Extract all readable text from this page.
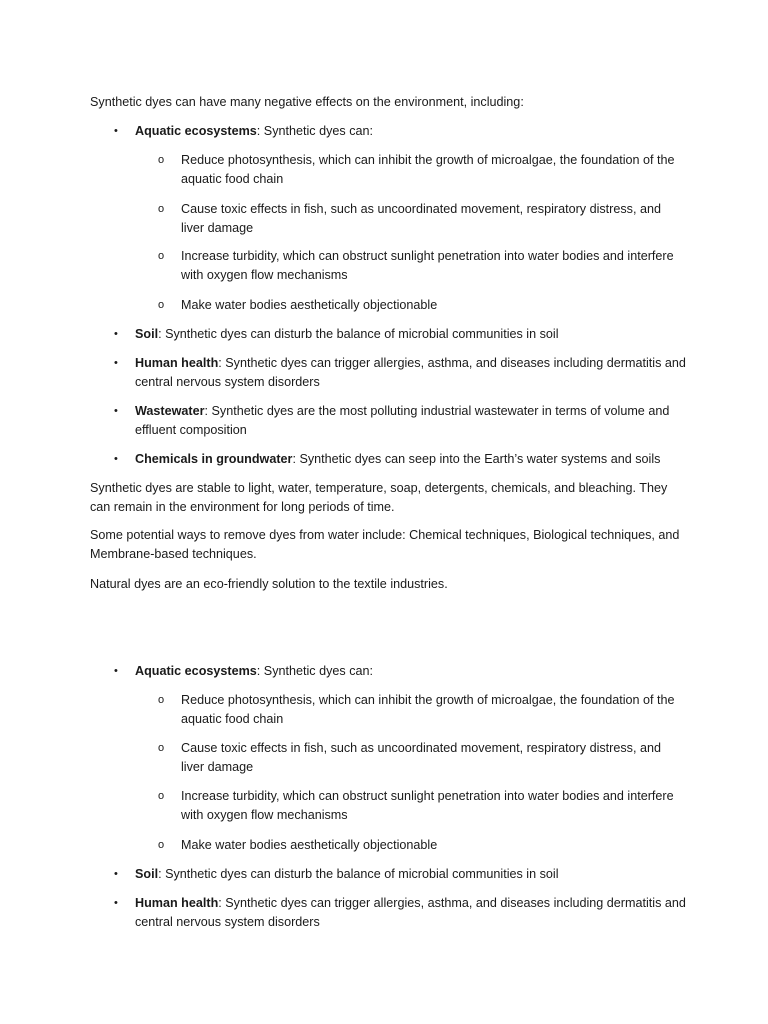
Synthetic dyes can have many negative effects on the environment, including:

• Aquatic ecosystems: Synthetic dyes can:

o Reduce photosynthesis, which can inhibit the growth of microalgae, the foundation of the aquatic food chain

o Cause toxic effects in fish, such as uncoordinated movement, respiratory distress, and liver damage

o Increase turbidity, which can obstruct sunlight penetration into water bodies and interfere with oxygen flow mechanisms

o Make water bodies aesthetically objectionable

• Soil: Synthetic dyes can disturb the balance of microbial communities in soil

• Human health: Synthetic dyes can trigger allergies, asthma, and diseases including dermatitis and central nervous system disorders

• Wastewater: Synthetic dyes are the most polluting industrial wastewater in terms of volume and effluent composition

• Chemicals in groundwater: Synthetic dyes can seep into the Earth’s water systems and soils

Synthetic dyes are stable to light, water, temperature, soap, detergents, chemicals, and bleaching. They can remain in the environment for long periods of time.

Some potential ways to remove dyes from water include: Chemical techniques, Biological techniques, and Membrane-based techniques.

Natural dyes are an eco-friendly solution to the textile industries.

• Aquatic ecosystems: Synthetic dyes can:

o Reduce photosynthesis, which can inhibit the growth of microalgae, the foundation of the aquatic food chain

o Cause toxic effects in fish, such as uncoordinated movement, respiratory distress, and liver damage

o Increase turbidity, which can obstruct sunlight penetration into water bodies and interfere with oxygen flow mechanisms

o Make water bodies aesthetically objectionable

• Soil: Synthetic dyes can disturb the balance of microbial communities in soil

• Human health: Synthetic dyes can trigger allergies, asthma, and diseases including dermatitis and central nervous system disorders
